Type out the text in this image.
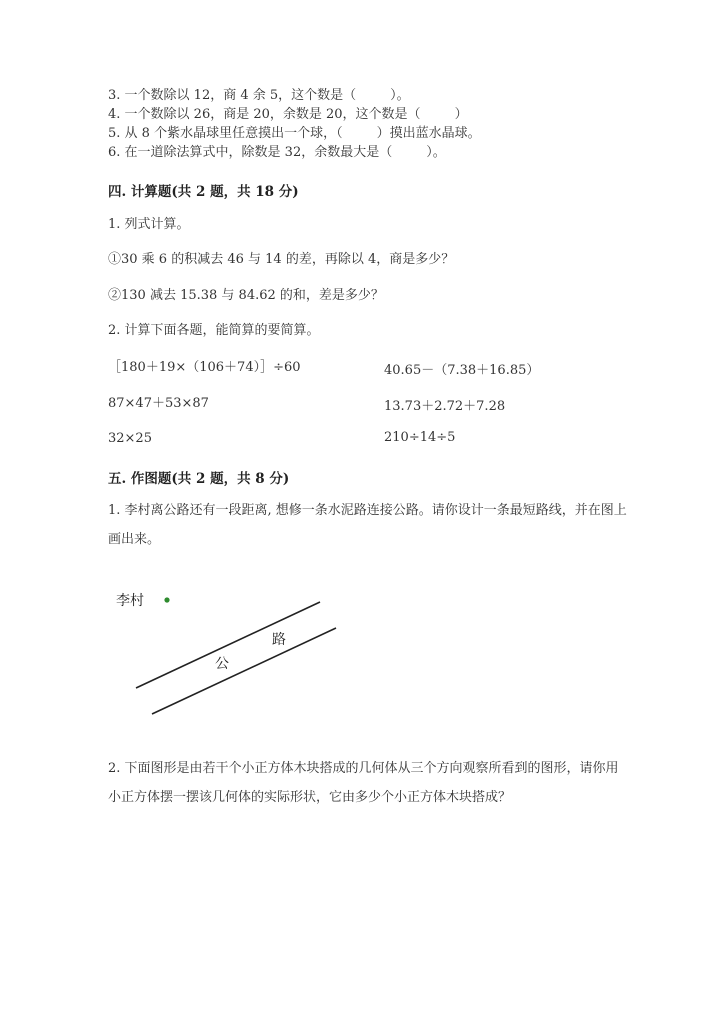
3. 一个数除以 12，商 4 余 5，这个数是（	）。
4. 一个数除以 26，商是 20，余数是 20，这个数是（	）
5. 从 8 个紫水晶球里任意摸出一个球，（	）摸出蓝水晶球。
6. 在一道除法算式中，除数是 32，余数最大是（	）。
四. 计算题(共 2 题，共 18 分)
1. 列式计算。
①30 乘 6 的积减去 46 与 14 的差，再除以 4，商是多少？
②130 减去 15.38 与 84.62 的和，差是多少？
2. 计算下面各题，能简算的要简算。
［180＋19×（106＋74）］÷60	40.65－（7.38＋16.85）
87×47＋53×87	13.73＋2.72＋7.28
32×25	210÷14÷5
五. 作图题(共 2 题，共 8 分)
1. 李村离公路还有一段距离, 想修一条水泥路连接公路。请你设计一条最短路线，并在图上画出来。
李村
公
路
2. 下面图形是由若干个小正方体木块搭成的几何体从三个方向观察所看到的图形，请你用小正方体摆一摆该几何体的实际形状，它由多少个小正方体木块搭成？
